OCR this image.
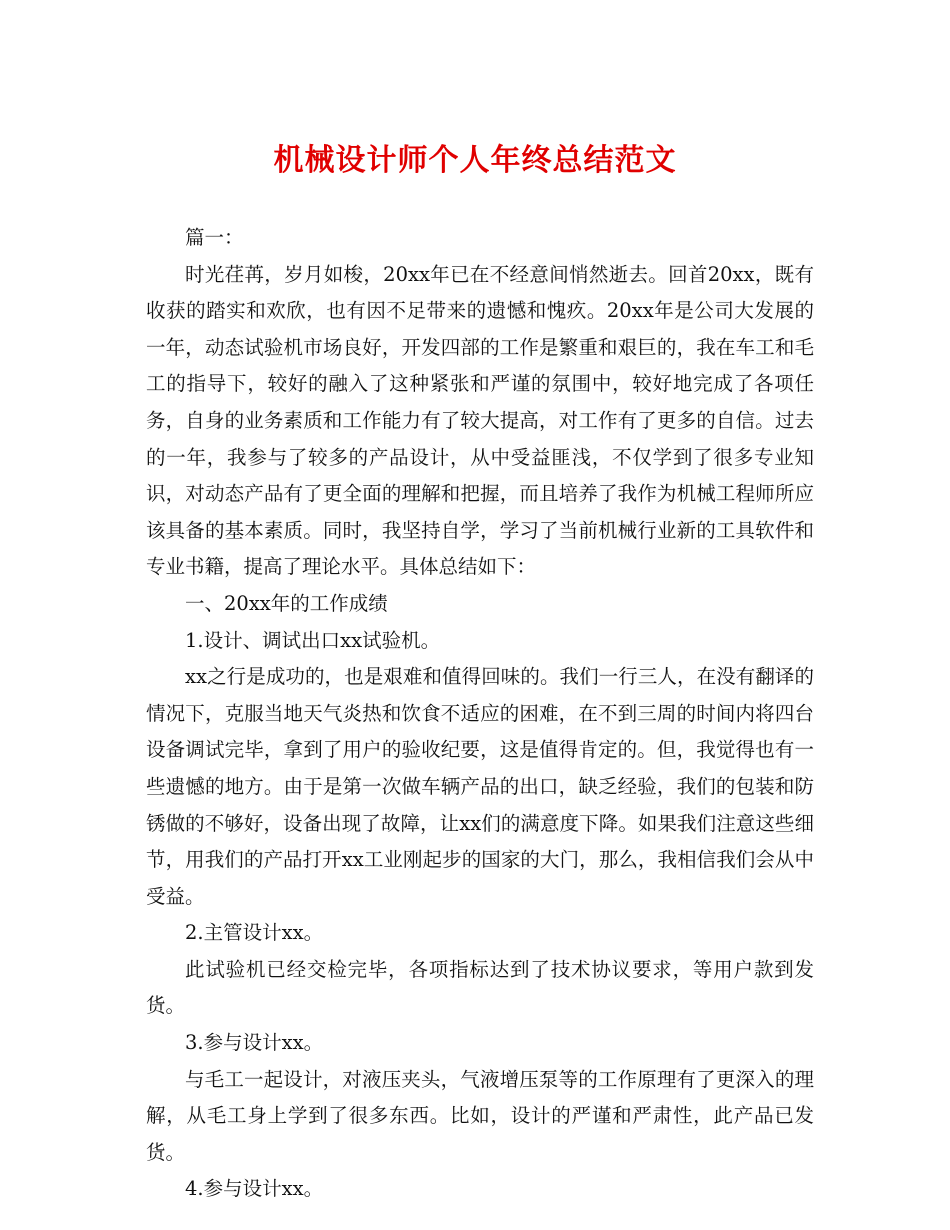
机械设计师个人年终总结范文

篇一：

时光荏苒，岁月如梭，20xx年已在不经意间悄然逝去。回首20xx，既有收获的踏实和欢欣，也有因不足带来的遗憾和愧疚。20xx年是公司大发展的一年，动态试验机市场良好，开发四部的工作是繁重和艰巨的，我在车工和毛工的指导下，较好的融入了这种紧张和严谨的氛围中，较好地完成了各项任务，自身的业务素质和工作能力有了较大提高，对工作有了更多的自信。过去的一年，我参与了较多的产品设计，从中受益匪浅，不仅学到了很多专业知识，对动态产品有了更全面的理解和把握，而且培养了我作为机械工程师所应该具备的基本素质。同时，我坚持自学，学习了当前机械行业新的工具软件和专业书籍，提高了理论水平。具体总结如下：

一、20xx年的工作成绩

1.设计、调试出口xx试验机。

xx之行是成功的，也是艰难和值得回味的。我们一行三人，在没有翻译的情况下，克服当地天气炎热和饮食不适应的困难，在不到三周的时间内将四台设备调试完毕，拿到了用户的验收纪要，这是值得肯定的。但，我觉得也有一些遗憾的地方。由于是第一次做车辆产品的出口，缺乏经验，我们的包装和防锈做的不够好，设备出现了故障，让xx们的满意度下降。如果我们注意这些细节，用我们的产品打开xx工业刚起步的国家的大门，那么，我相信我们会从中受益。

2.主管设计xx。

此试验机已经交检完毕，各项指标达到了技术协议要求，等用户款到发货。

3.参与设计xx。

与毛工一起设计，对液压夹头，气液增压泵等的工作原理有了更深入的理解，从毛工身上学到了很多东西。比如，设计的严谨和严肃性，此产品已发货。

4.参与设计xx。
